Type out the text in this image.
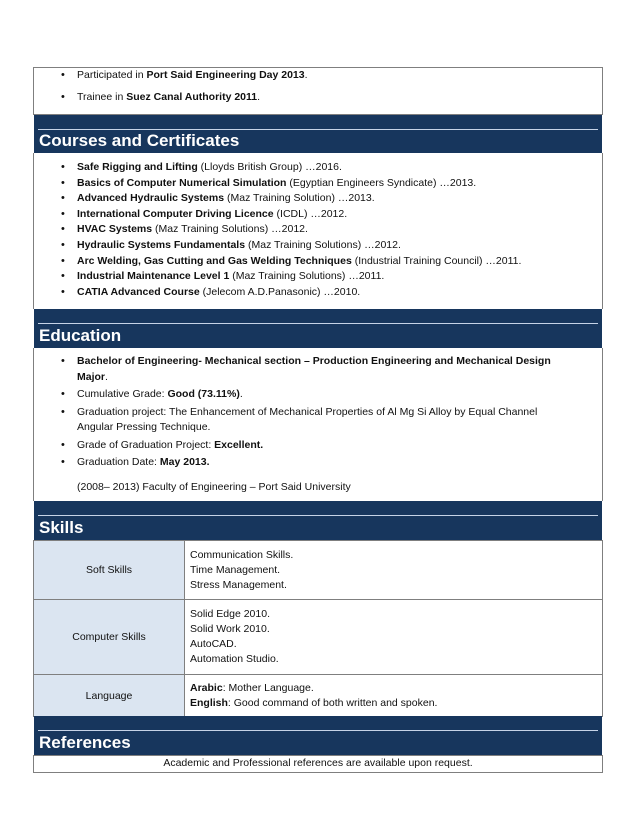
• Participated in Port Said Engineering Day 2013.
• Trainee in Suez Canal Authority 2011.
Courses and Certificates
• Safe Rigging and Lifting (Lloyds British Group) …2016.
• Basics of Computer Numerical Simulation (Egyptian Engineers Syndicate) …2013.
• Advanced Hydraulic Systems (Maz Training Solution) …2013.
• International Computer Driving Licence (ICDL) …2012.
• HVAC Systems (Maz Training Solutions) …2012.
• Hydraulic Systems Fundamentals (Maz Training Solutions) …2012.
• Arc Welding, Gas Cutting and Gas Welding Techniques (Industrial Training Council) …2011.
• Industrial Maintenance Level 1 (Maz Training Solutions) …2011.
• CATIA Advanced Course (Jelecom A.D.Panasonic) …2010.
Education
• Bachelor of Engineering- Mechanical section – Production Engineering and Mechanical Design
Major.
• Cumulative Grade: Good (73.11%).
• Graduation project: The Enhancement of Mechanical Properties of Al Mg Si Alloy by Equal Channel
Angular Pressing Technique.
• Grade of Graduation Project: Excellent.
• Graduation Date: May 2013.
(2008– 2013) Faculty of Engineering – Port Said University
Skills
Soft Skills	Communication Skills.
Time Management.
Stress Management.

Computer Skills	Solid Edge 2010.
Solid Work 2010.
AutoCAD.
Automation Studio.

Language	Arabic: Mother Language.
English: Good command of both written and spoken.
References
Academic and Professional references are available upon request.
